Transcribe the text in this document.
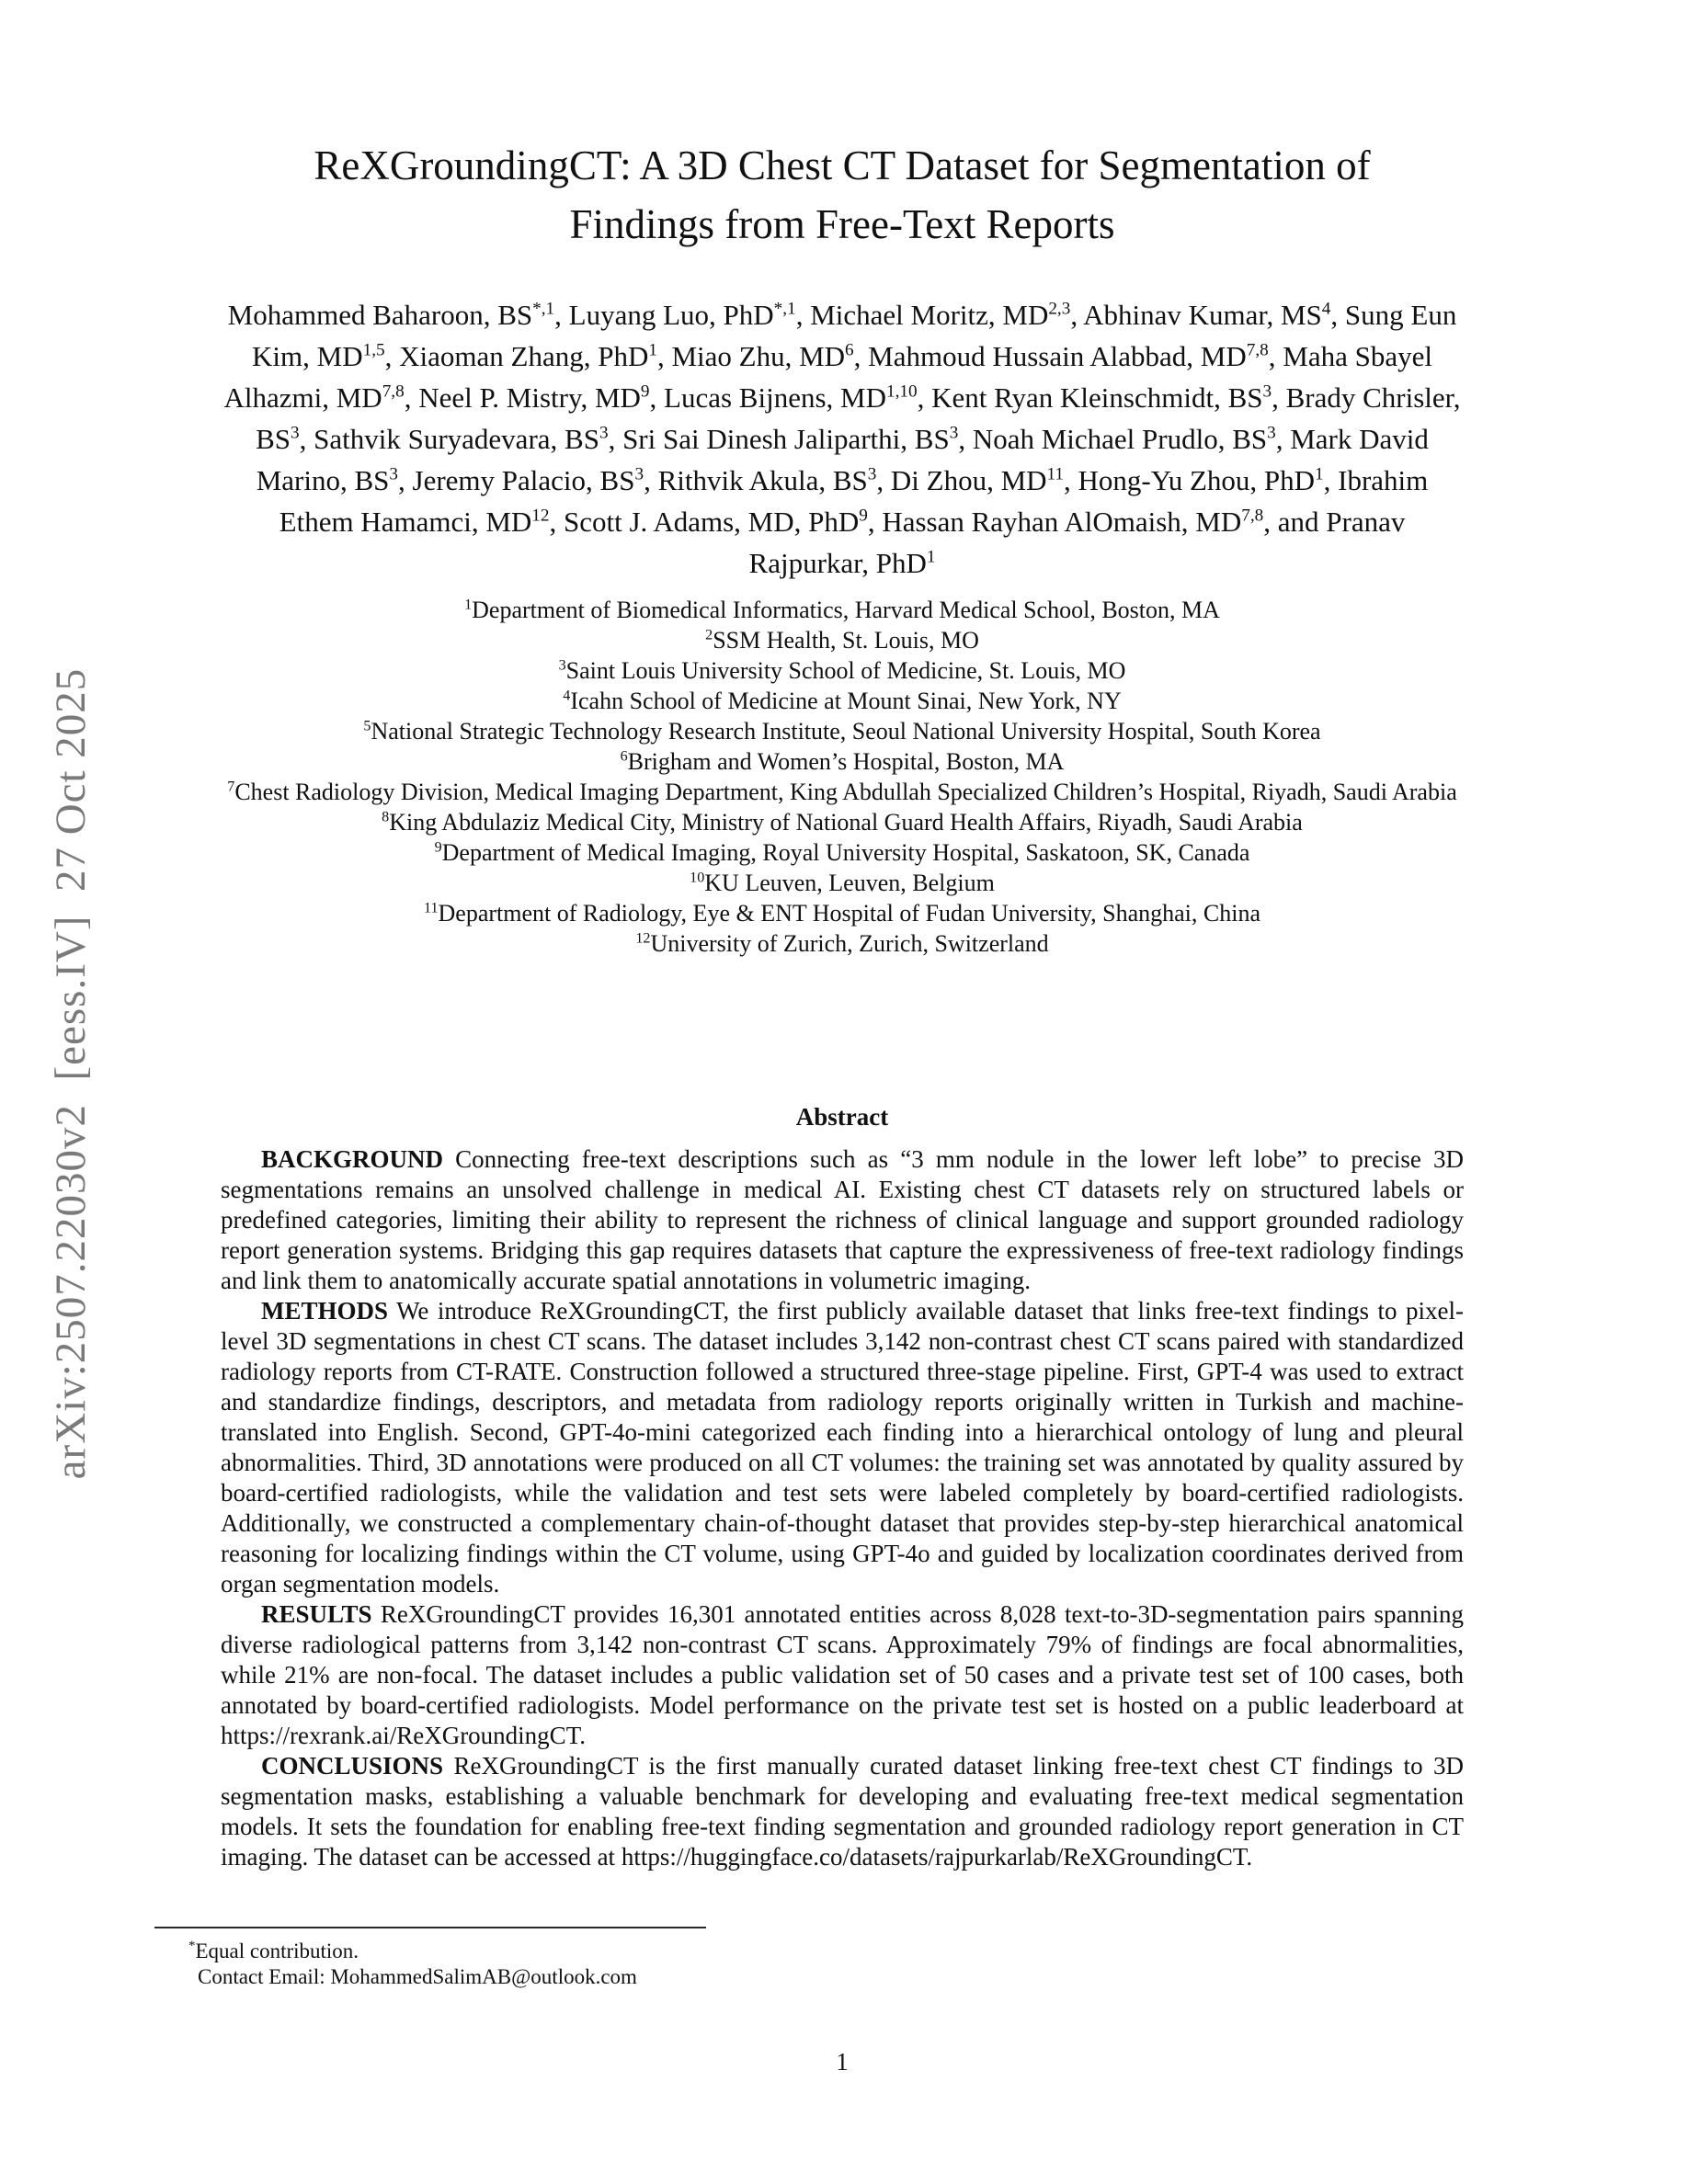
arXiv:2507.22030v2  [eess.IV]  27 Oct 2025
ReXGroundingCT: A 3D Chest CT Dataset for Segmentation of
Findings from Free-Text Reports

Mohammed Baharoon, $BS^{*,1}$, Luyang Luo, PhD$^{*,1}$, Michael Moritz, MD$^{2,3}$, Abhinav Kumar, $MS^4$, Sung Eun Kim, MD$^{1,5}$, Xiaoman Zhang, PhD$^1$, Miao Zhu, $MD^6$, Mahmoud Hussain Alabbad, MD$^{7,8}$, Maha Sbayel Alhazmi, MD$^{7,8}$, Neel P. Mistry, $MD^9$, Lucas Bijnens, MD$^{1,10}$, Kent Ryan Kleinschmidt, $BS^3$, Brady Chrisler, $BS^3$, Sathvik Suryadevara, $BS^3$, Sri Sai Dinesh Jaliparthi, $BS^3$, Noah Michael Prudlo, $BS^3$, Mark David Marino, $BS^3$, Jeremy Palacio, $BS^3$, Rithvik Akula, $BS^3$, Di Zhou, MD$^{11}$, Hong-Yu Zhou, PhD$^1$, Ibrahim Ethem Hamamci, MD$^{12}$, Scott J. Adams, MD, PhD$^9$, Hassan Rayhan AlOmaish, MD$^{7,8}$, and Pranav Rajpurkar, PhD$^1$

$^1$Department of Biomedical Informatics, Harvard Medical School, Boston, MA
$^2$SSM Health, St. Louis, MO
$^3$Saint Louis University School of Medicine, St. Louis, MO
$^4$Icahn School of Medicine at Mount Sinai, New York, NY
$^5$National Strategic Technology Research Institute, Seoul National University Hospital, South Korea
$^6$Brigham and Women’s Hospital, Boston, MA
$^7$Chest Radiology Division, Medical Imaging Department, King Abdullah Specialized Children’s Hospital, Riyadh, Saudi Arabia
$^8$King Abdulaziz Medical City, Ministry of National Guard Health Affairs, Riyadh, Saudi Arabia
$^9$Department of Medical Imaging, Royal University Hospital, Saskatoon, SK, Canada
$^{10}$KU Leuven, Leuven, Belgium
$^{11}$Department of Radiology, Eye & ENT Hospital of Fudan University, Shanghai, China
$^{12}$University of Zurich, Zurich, Switzerland
Abstract

BACKGROUND Connecting free-text descriptions such as “3 mm nodule in the lower left lobe” to precise 3D segmentations remains an unsolved challenge in medical AI. Existing chest CT datasets rely on structured labels or predefined categories, limiting their ability to represent the richness of clinical language and support grounded radiology report generation systems. Bridging this gap requires datasets that capture the expressiveness of free-text radiology findings and link them to anatomically accurate spatial annotations in volumetric imaging.

METHODS We introduce ReXGroundingCT, the first publicly available dataset that links free-text findings to pixel-level 3D segmentations in chest CT scans. The dataset includes 3,142 non-contrast chest CT scans paired with standardized radiology reports from CT-RATE. Construction followed a structured three-stage pipeline. First, GPT-4 was used to extract and standardize findings, descriptors, and metadata from radiology reports originally written in Turkish and machine-translated into English. Second, GPT-4o-mini categorized each finding into a hierarchical ontology of lung and pleural abnormalities. Third, 3D annotations were produced on all CT volumes: the training set was annotated by quality assured by board-certified radiologists, while the validation and test sets were labeled completely by board-certified radiologists. Additionally, we constructed a complementary chain-of-thought dataset that provides step-by-step hierarchical anatomical reasoning for localizing findings within the CT volume, using GPT-4o and guided by localization coordinates derived from organ segmentation models.

RESULTS ReXGroundingCT provides 16,301 annotated entities across 8,028 text-to-3D-segmentation pairs spanning diverse radiological patterns from 3,142 non-contrast CT scans. Approximately 79% of findings are focal abnormalities, while 21% are non-focal. The dataset includes a public validation set of 50 cases and a private test set of 100 cases, both annotated by board-certified radiologists. Model performance on the private test set is hosted on a public leaderboard at https://rexrank.ai/ReXGroundingCT.

CONCLUSIONS ReXGroundingCT is the first manually curated dataset linking free-text chest CT findings to 3D segmentation masks, establishing a valuable benchmark for developing and evaluating free-text medical segmentation models. It sets the foundation for enabling free-text finding segmentation and grounded radiology report generation in CT imaging. The dataset can be accessed at https://huggingface.co/datasets/rajpurkarlab/ReXGroundingCT.

*Equal contribution.

Contact Email: MohammedSalimAB@outlook.com

1
